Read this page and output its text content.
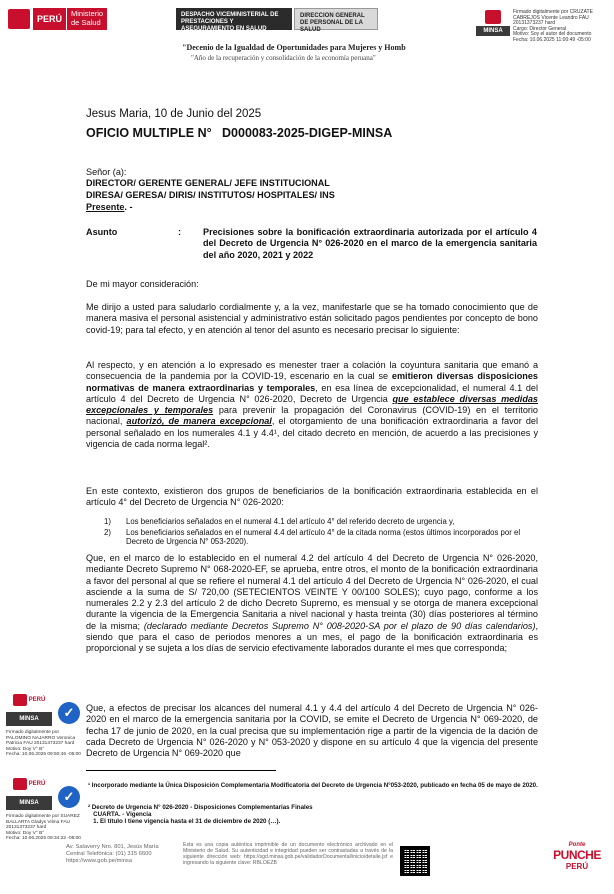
PERÚ
Ministerio
de Salud
DESPACHO VICEMINISTERIAL DE PRESTACIONES Y ASEGURAMIENTO EN SALUD
DIRECCION GENERAL DE PERSONAL DE LA SALUD	MINSA
Firmado digitalmente por CRUZATE CABREJOS Vicente Leandro FAU 20131373237 hard
Cargo: Director General
Motivo: Soy el autor del documento
Fecha: 10.06.2025 11:00:49 -05:00
"Decenio de la Igualdad de Oportunidades para Mujeres y Homb
"Año de la recuperación y consolidación de la economía peruana"
Jesus Maria, 10 de Junio del 2025
OFICIO MULTIPLE N° D000083-2025-DIGEP-MINSA
Señor (a):
DIRECTOR/ GERENTE GENERAL/ JEFE INSTITUCIONAL
DIRESA/ GERESA/ DIRIS/ INSTITUTOS/ HOSPITALES/ INS
Presente. -
Asunto	: Precisiones sobre la bonificación extraordinaria autorizada por el artículo 4 del Decreto de Urgencia N° 026-2020 en el marco de la emergencia sanitaria del año 2020, 2021 y 2022
De mi mayor consideración:
Me dirijo a usted para saludarlo cordialmente y, a la vez, manifestarle que se ha tomado conocimiento que de manera masiva el personal asistencial y administrativo están solicitado pagos pendientes por concepto de bono covid-19; para tal efecto, y en atención al tenor del asunto es necesario precisar lo siguiente:
Al respecto, y en atención a lo expresado es menester traer a colación la coyuntura sanitaria que emanó a consecuencia de la pandemia por la COVID-19, escenario en la cual se emitieron diversas disposiciones normativas de manera extraordinarias y temporales, en esa línea de excepcionalidad, el numeral 4.1 del artículo 4 del Decreto de Urgencia N° 026-2020, Decreto de Urgencia que establece diversas medidas excepcionales y temporales para prevenir la propagación del Coronavirus (COVID-19) en el territorio nacional, autorizó, de manera excepcional, el otorgamiento de una bonificación extraordinaria a favor del personal señalado en los numerales 4.1 y 4.4¹, del citado decreto en mención, de acuerdo a las precisiones y vigencia de cada norma legal².
En este contexto, existieron dos grupos de beneficiarios de la bonificación extraordinaria establecida en el artículo 4° del Decreto de Urgencia N° 026-2020:
1)	Los beneficiarios señalados en el numeral 4.1 del artículo 4° del referido decreto de urgencia y,
2)	Los beneficiarios señalados en el numeral 4.4 del artículo 4° de la citada norma (estos últimos incorporados por el Decreto de Urgencia N° 053-2020).
Que, en el marco de lo establecido en el numeral 4.2 del artículo 4 del Decreto de Urgencia N° 026-2020, mediante Decreto Supremo N° 068-2020-EF, se aprueba, entre otros, el monto de la bonificación extraordinaria a favor del personal al que se refiere el numeral 4.1 del artículo 4 del Decreto de Urgencia N° 026-2020, el cual asciende a la suma de S/ 720,00 (SETECIENTOS VEINTE Y 00/100 SOLES); cuyo pago, conforme a los numerales 2.2 y 2.3 del artículo 2 de dicho Decreto Supremo, es mensual y se otorga de manera excepcional durante la vigencia de la Emergencia Sanitaria a nivel nacional y hasta treinta (30) días posteriores al término de la misma; (declarado mediante Decretos Supremo N° 008-2020-SA por el plazo de 90 días calendarios), siendo que para el caso de periodos menores a un mes, el pago de la bonificación extraordinaria es proporcional y se sujeta a los días de servicio efectivamente laborados durante el mes que corresponda;
Que, a efectos de precisar los alcances del numeral 4.1 y 4.4 del artículo 4 del Decreto de Urgencia N° 026-2020 en el marco de la emergencia sanitaria por la COVID, se emite el Decreto de Urgencia N° 069-2020, de fecha 17 de junio de 2020, en la cual precisa que su implementación rige a partir de la vigencia de la dación de cada Decreto de Urgencia N° 026-2020 y N° 053-2020 y dispone en su artículo 4 que la vigencia del presente Decreto de Urgencia N° 069-2020 que
¹ Incorporado mediante la Única Disposición Complementaria Modificatoria del Decreto de Urgencia N°053-2020, publicado en fecha 05 de mayo de 2020.
² Decreto de Urgencia N° 026-2020 - Disposiciones Complementarias Finales
CUARTA. - Vigencia
1. El título I tiene vigencia hasta el 31 de diciembre de 2020 (…).
PERÚ
MINSA	✓
Firmado digitalmente por
PALOMINO NAJARRO Veronica
Patricia FAU 20131373237 hard
Motivo: Doy V° B°
Fecha: 10.06.2025 09:50:46 -05:00
PERÚ
MINSA	✓
Firmado digitalmente por SUAREZ
BALLARTA Gladys Vilma FAU
20131373237 hard
Motivo: Doy V° B°
Fecha: 10.06.2025 09:34:22 -05:00
Av. Salaverry Nro. 801, Jesús María
Central Telefónica: (01) 315 6600
https://www.gob.pe/minsa
Esta es una copia auténtica imprimible de un documento electrónico archivado en el Ministerio de Salud. Su autenticidad e integridad pueden ser contrastadas a través de la siguiente dirección web: https://sgd.minsa.gob.pe/validadorDocumental/inicio/detalle.jsf e ingresando la siguiente clave: RBLOEZB
Ponte
PUNCHE
PERÚ
